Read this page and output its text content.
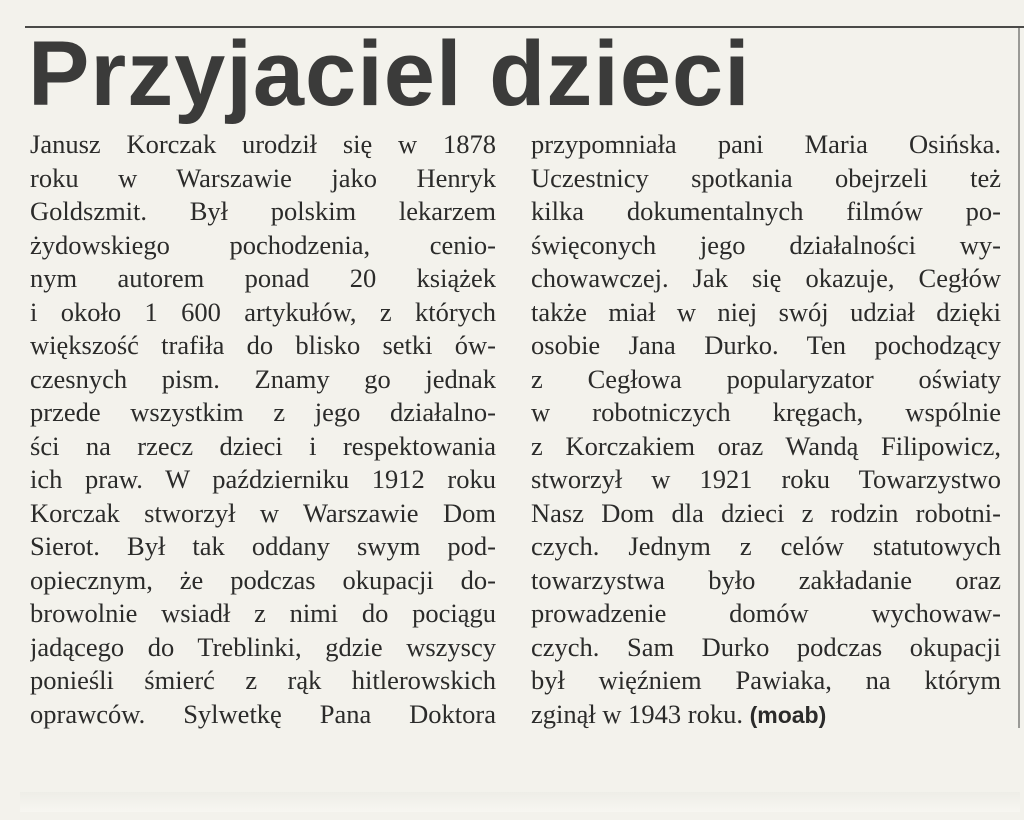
Przyjaciel dzieci
Janusz Korczak urodził się w 1878
roku w Warszawie jako Henryk
Goldszmit. Był polskim lekarzem
żydowskiego pochodzenia, cenio-
nym autorem ponad 20 książek
i około 1 600 artykułów, z których
większość trafiła do blisko setki ów-
czesnych pism. Znamy go jednak
przede wszystkim z jego działalno-
ści na rzecz dzieci i respektowania
ich praw. W październiku 1912 roku
Korczak stworzył w Warszawie Dom
Sierot. Był tak oddany swym pod-
opiecznym, że podczas okupacji do-
browolnie wsiadł z nimi do pociągu
jadącego do Treblinki, gdzie wszyscy
ponieśli śmierć z rąk hitlerowskich
oprawców. Sylwetkę Pana Doktora
przypomniała pani Maria Osińska.
Uczestnicy spotkania obejrzeli też
kilka dokumentalnych filmów po-
święconych jego działalności wy-
chowawczej. Jak się okazuje, Cegłów
także miał w niej swój udział dzięki
osobie Jana Durko. Ten pochodzący
z Cegłowa popularyzator oświaty
w robotniczych kręgach, wspólnie
z Korczakiem oraz Wandą Filipowicz,
stworzył w 1921 roku Towarzystwo
Nasz Dom dla dzieci z rodzin robotni-
czych. Jednym z celów statutowych
towarzystwa było zakładanie oraz
prowadzenie domów wychowaw-
czych. Sam Durko podczas okupacji
był więźniem Pawiaka, na którym
zginął w 1943 roku. (moab)
